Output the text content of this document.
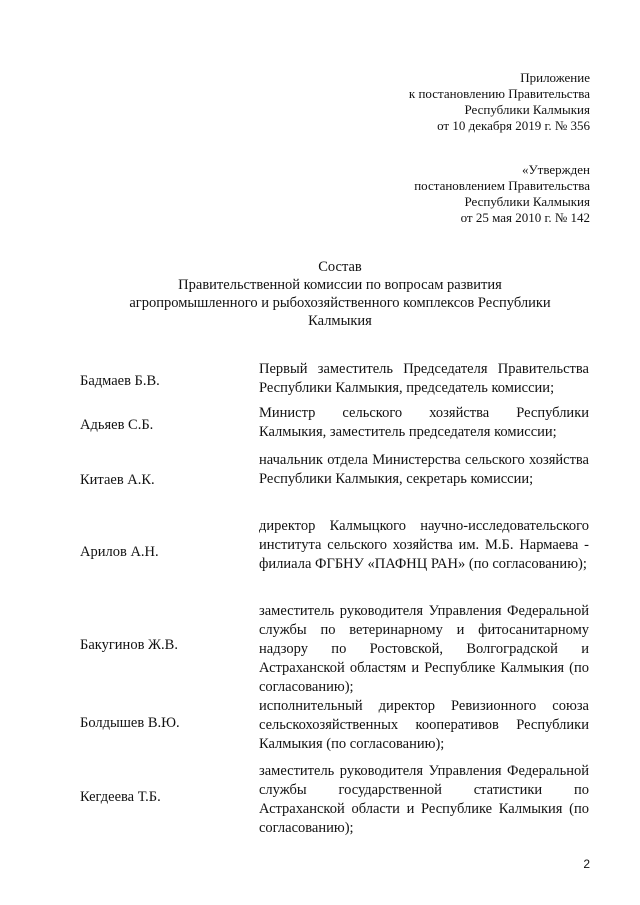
Приложение
к постановлению Правительства
Республики Калмыкия
от 10 декабря 2019 г. № 356
«Утвержден
постановлением Правительства
Республики Калмыкия
от 25 мая 2010 г. № 142
Состав
Правительственной комиссии по вопросам развития
агропромышленного и рыбохозяйственного комплексов Республики
Калмыкия
Бадмаев Б.В.
Первый заместитель Председателя Правительства Республики Калмыкия, председатель комиссии;
Адьяев С.Б.
Министр сельского хозяйства Республики Калмыкия, заместитель председателя комиссии;
Китаев А.К.
начальник отдела Министерства сельского хозяйства Республики Калмыкия, секретарь комиссии;
Арилов А.Н.
директор Калмыцкого научно-исследовательского института сельского хозяйства им. М.Б. Нармаева - филиала ФГБНУ «ПАФНЦ РАН» (по согласованию);
Бакугинов Ж.В.
заместитель руководителя Управления Федеральной службы по ветеринарному и фитосанитарному надзору по Ростовской, Волгоградской и Астраханской областям и Республике Калмыкия (по согласованию);
Болдышев В.Ю.
исполнительный директор Ревизионного союза сельскохозяйственных кооперативов Республики Калмыкия (по согласованию);
Кегдеева Т.Б.
заместитель руководителя Управления Федеральной службы государственной статистики по Астраханской области и Республике Калмыкия (по согласованию);
2
